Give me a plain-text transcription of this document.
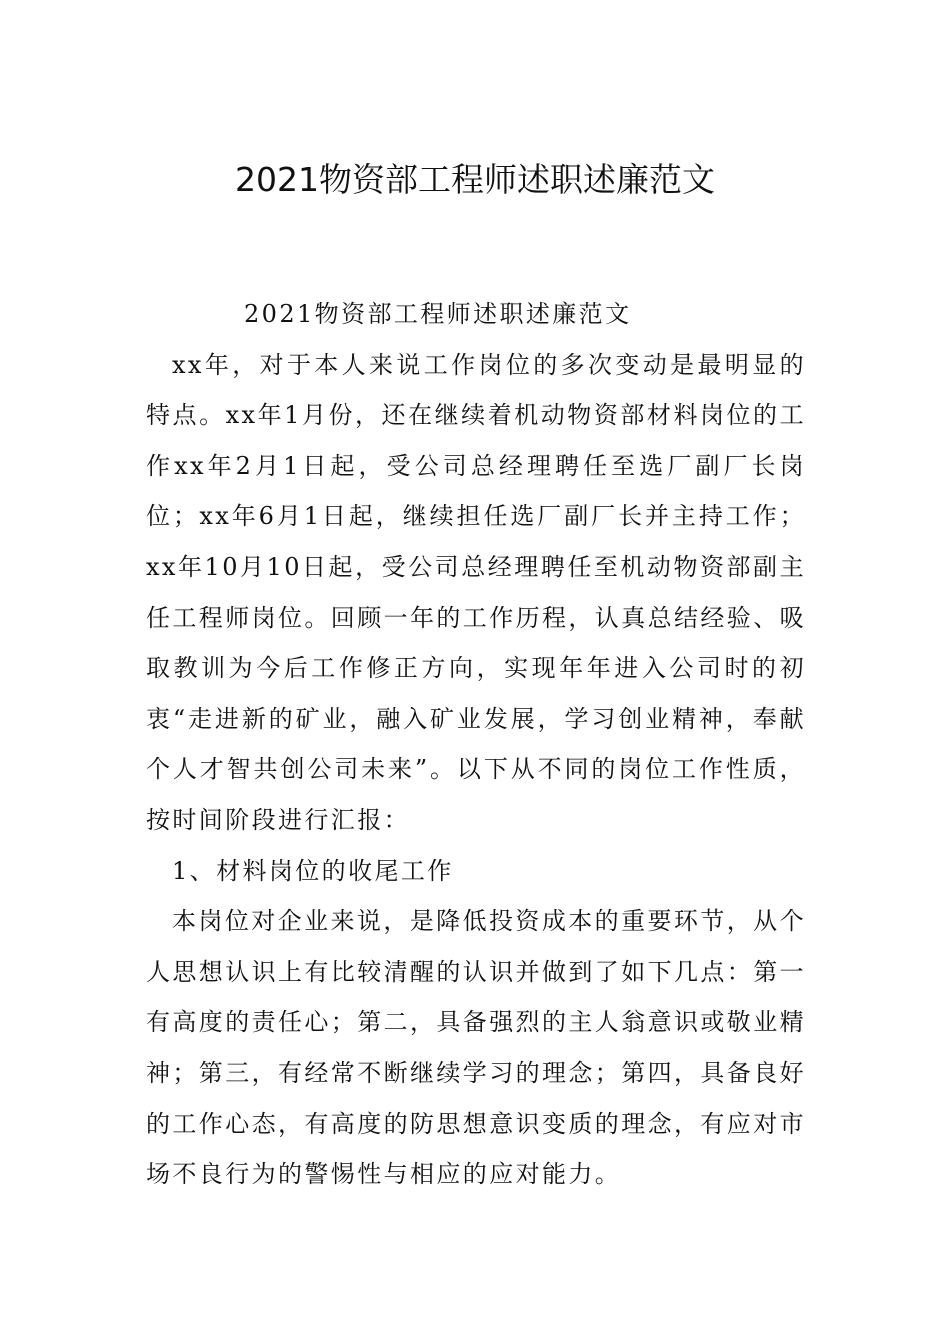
2021物资部工程师述职述廉范文

2021物资部工程师述职述廉范文

xx年，对于本人来说工作岗位的多次变动是最明显的特点。xx年1月份，还在继续着机动物资部材料岗位的工作xx年2月1日起，受公司总经理聘任至选厂副厂长岗位；xx年6月1日起，继续担任选厂副厂长并主持工作；xx年10月10日起，受公司总经理聘任至机动物资部副主任工程师岗位。回顾一年的工作历程，认真总结经验、吸取教训为今后工作修正方向，实现年年进入公司时的初衷“走进新的矿业，融入矿业发展，学习创业精神，奉献个人才智共创公司未来”。以下从不同的岗位工作性质，按时间阶段进行汇报：

1、材料岗位的收尾工作

本岗位对企业来说，是降低投资成本的重要环节，从个人思想认识上有比较清醒的认识并做到了如下几点：第一有高度的责任心；第二，具备强烈的主人翁意识或敬业精神；第三，有经常不断继续学习的理念；第四，具备良好的工作心态，有高度的防思想意识变质的理念，有应对市场不良行为的警惕性与相应的应对能力。
